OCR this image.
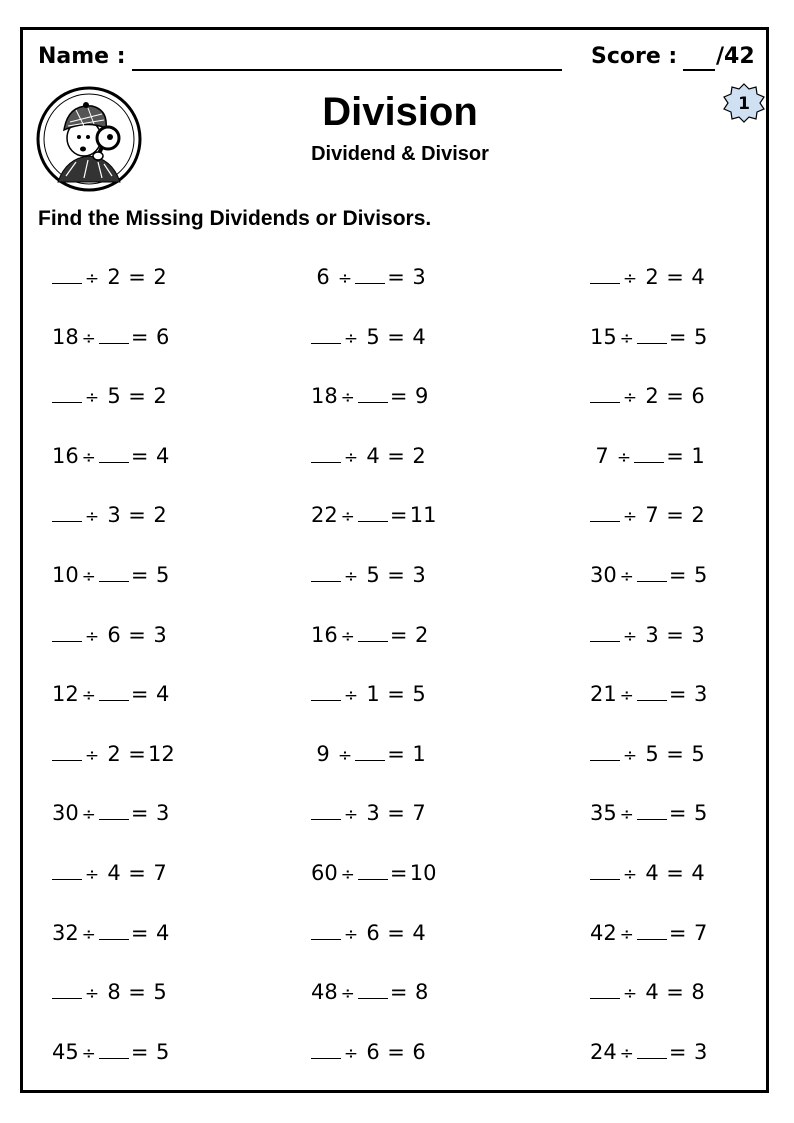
Name :	Score : /42
Division
Dividend & Divisor
1
Find the Missing Dividends or Divisors.
÷ 2 = 2	6 ÷ = 3	÷ 2 = 4
18 ÷ = 6	÷ 5 = 4	15 ÷ = 5
÷ 5 = 2	18 ÷ = 9	÷ 2 = 6
16 ÷ = 4	÷ 4 = 2	7 ÷ = 1
÷ 3 = 2	22 ÷ = 11	÷ 7 = 2
10 ÷ = 5	÷ 5 = 3	30 ÷ = 5
÷ 6 = 3	16 ÷ = 2	÷ 3 = 3
12 ÷ = 4	÷ 1 = 5	21 ÷ = 3
÷ 2 = 12	9 ÷ = 1	÷ 5 = 5
30 ÷ = 3	÷ 3 = 7	35 ÷ = 5
÷ 4 = 7	60 ÷ = 10	÷ 4 = 4
32 ÷ = 4	÷ 6 = 4	42 ÷ = 7
÷ 8 = 5	48 ÷ = 8	÷ 4 = 8
45 ÷ = 5	÷ 6 = 6	24 ÷ = 3
